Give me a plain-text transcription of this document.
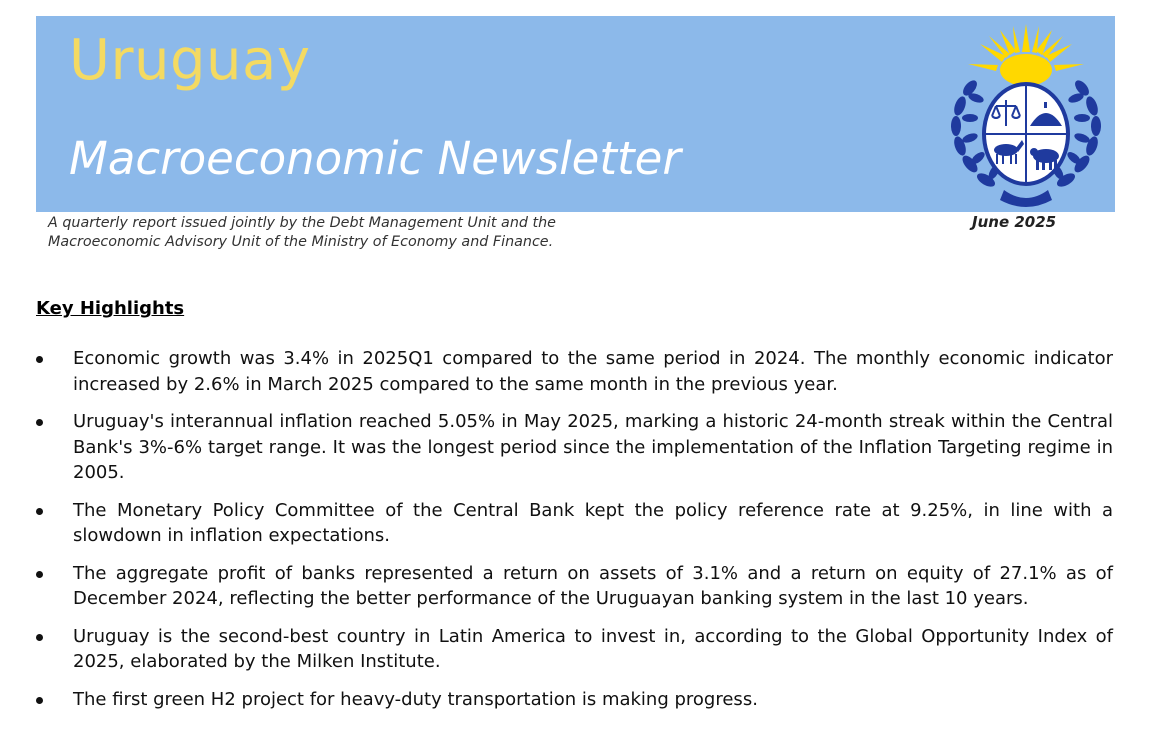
Uruguay
Macroeconomic Newsletter
A quarterly report issued jointly by the Debt Management Unit and the Macroeconomic Advisory Unit of the Ministry of Economy and Finance.
June 2025
Key Highlights
Economic growth was 3.4% in 2025Q1 compared to the same period in 2024. The monthly economic indicator increased by 2.6% in March 2025 compared to the same month in the previous year.
Uruguay's interannual inflation reached 5.05% in May 2025, marking a historic 24-month streak within the Central Bank's 3%-6% target range. It was the longest period since the implementation of the Inflation Targeting regime in 2005.
The Monetary Policy Committee of the Central Bank kept the policy reference rate at 9.25%, in line with a slowdown in inflation expectations.
The aggregate profit of banks represented a return on assets of 3.1% and a return on equity of 27.1% as of December 2024, reflecting the better performance of the Uruguayan banking system in the last 10 years.
Uruguay is the second-best country in Latin America to invest in, according to the Global Opportunity Index of 2025, elaborated by the Milken Institute.
The first green H2 project for heavy-duty transportation is making progress.
